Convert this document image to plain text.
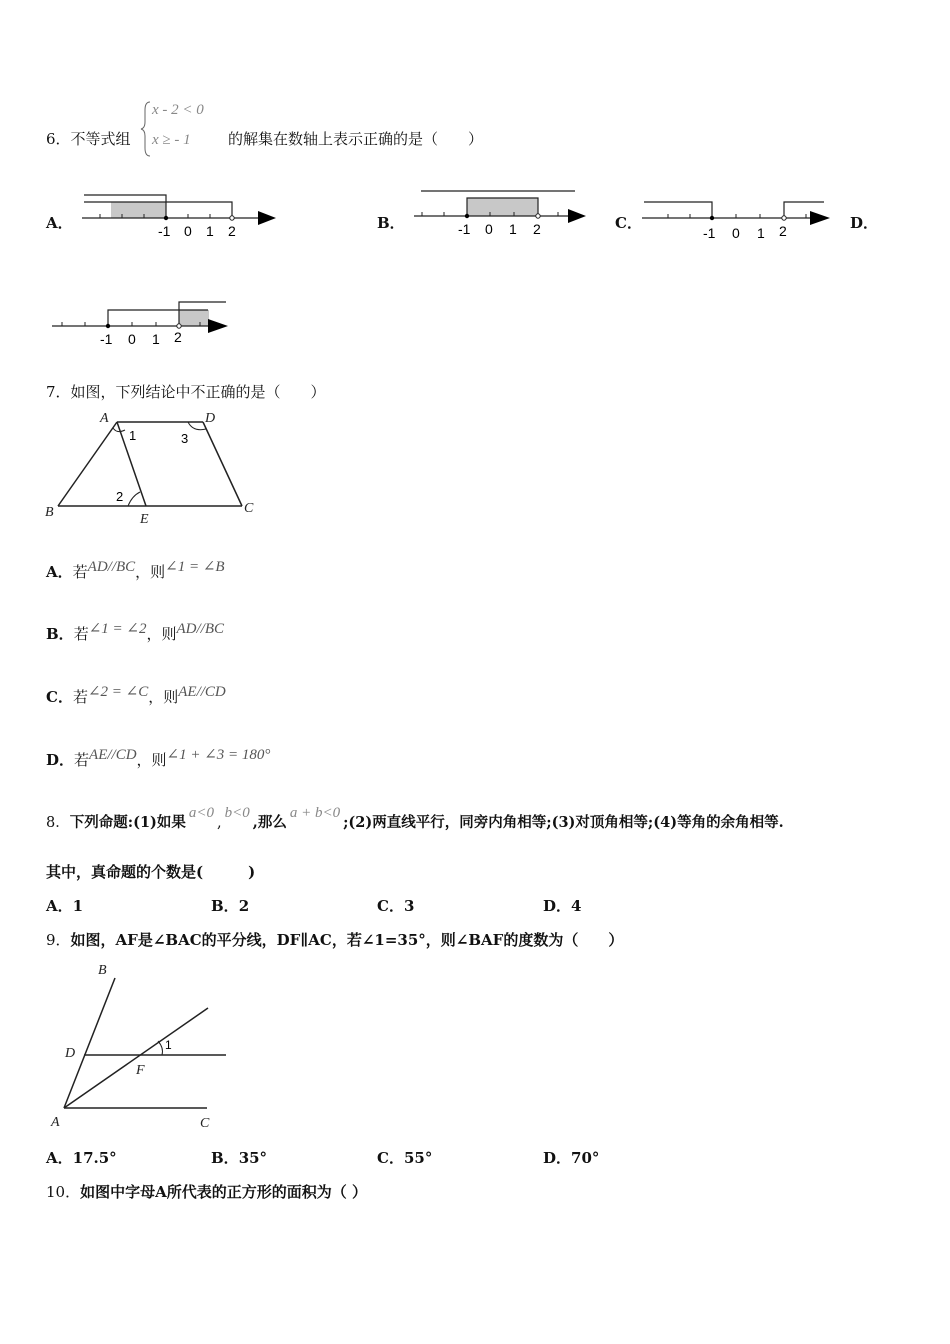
6．不等式组
x - 2 < 0
x ≥ - 1 的解集在数轴上表示正确的是（　　）
A．	-1 0 1 2	B．	-1 0 1 2	C．
-1 0 1 2	D．
-1 0 1 2
7．如图，下列结论中不正确的是（　　）
A	D
B	E
C
1
2
3
A．若AD//BC，则∠1 = ∠B
B．若∠1 = ∠2，则AD//BC
C．若∠2 = ∠C，则AE//CD
D．若AE//CD，则∠1 + ∠3 = 180°
8．下列命题:(1)如果a<0,b<0,那么a + b<0;(2)两直线平行，同旁内角相等;(3)对顶角相等;(4)等角的余角相等.
其中，真命题的个数是(　　　)
A．1	B．2	C．3	D．4
9．如图，AF是∠BAC的平分线，DF∥AC，若∠1=35°，则∠BAF的度数为（　　）
B
D
F
A	C
1
A．17.5°	B．35°	C．55°	D．70°
10．如图中字母A所代表的正方形的面积为（ ）
